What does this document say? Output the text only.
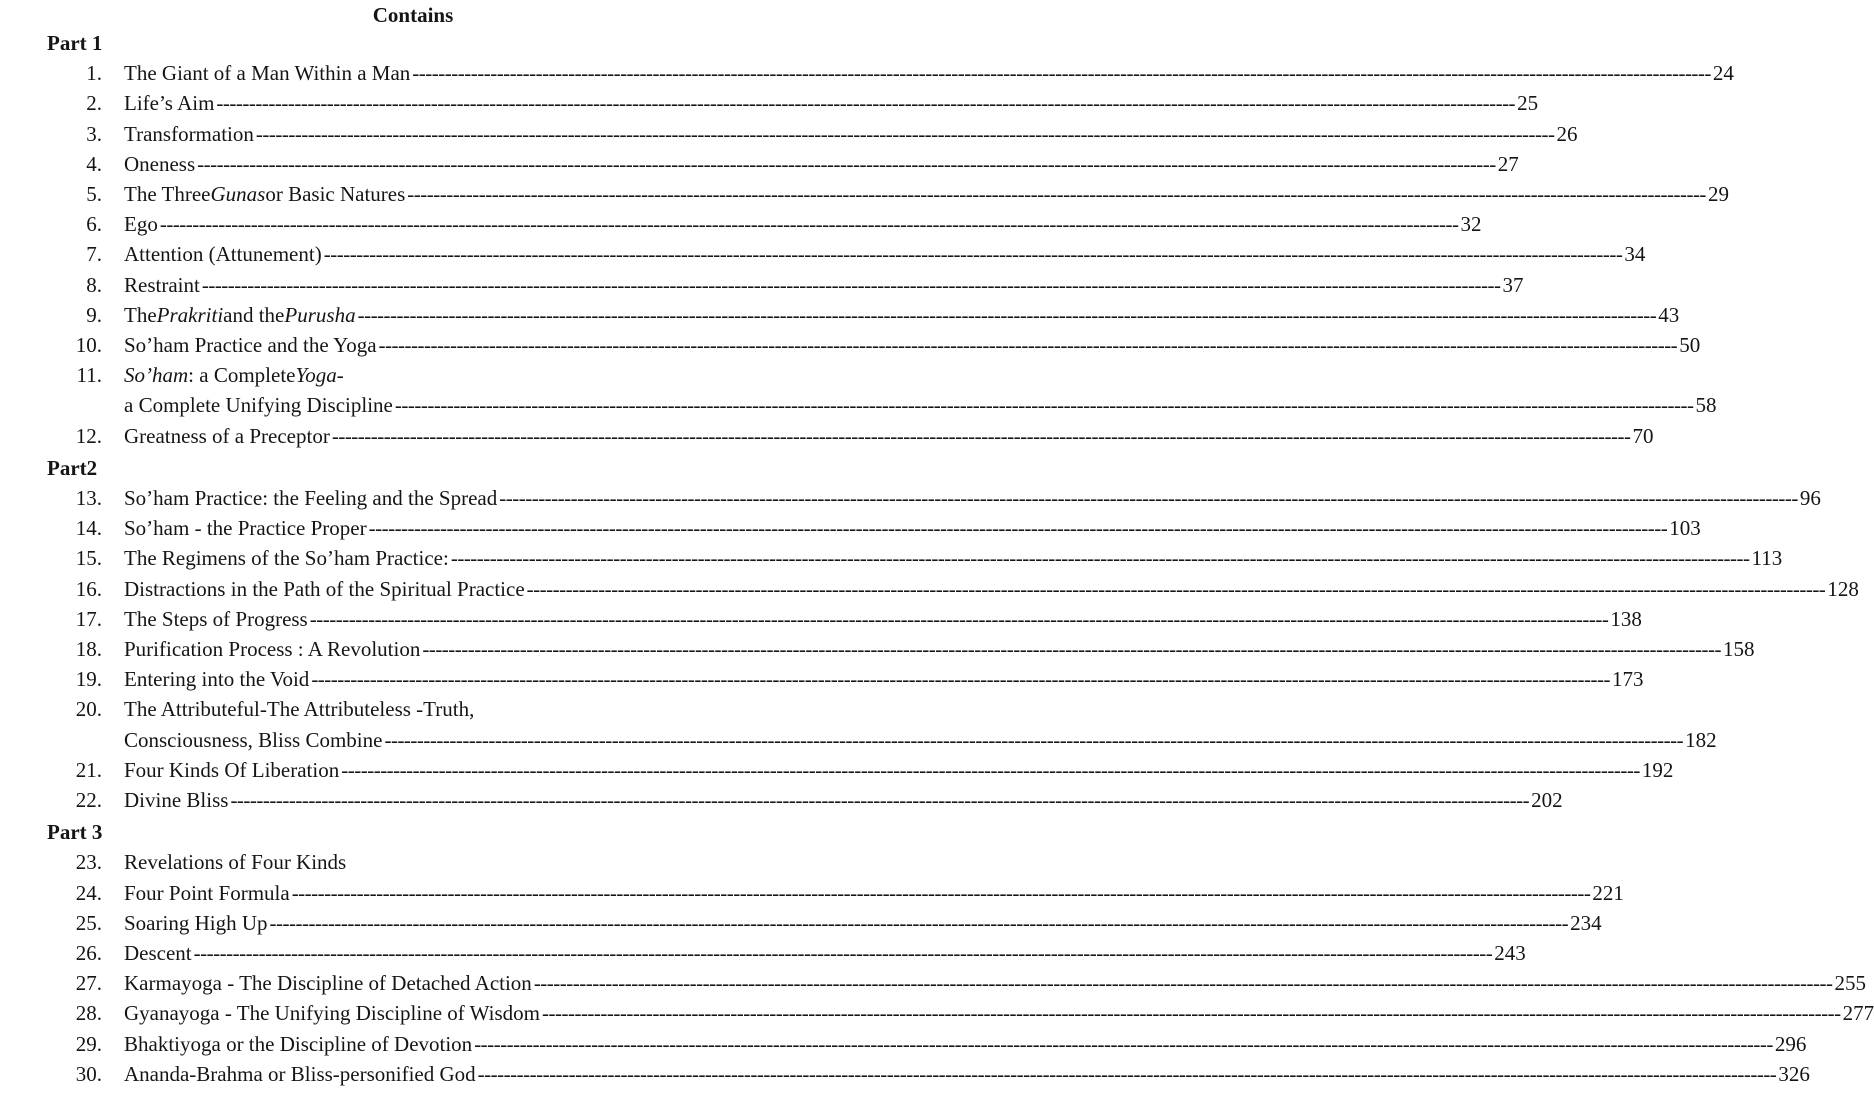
Contains
Part 1
1. The Giant of a Man Within a Man -------------------------------------------------------------------------------------------------------------------------------------------------------------------------------------------------------- 24
2. Life’s Aim -------------------------------------------------------------------------------------------------------------------------------------------------------------------------------------------------------- 25
3. Transformation -------------------------------------------------------------------------------------------------------------------------------------------------------------------------------------------------------- 26
4. Oneness -------------------------------------------------------------------------------------------------------------------------------------------------------------------------------------------------------- 27
5. The Three Gunas or Basic Natures -------------------------------------------------------------------------------------------------------------------------------------------------------------------------------------------------------- 29
6. Ego -------------------------------------------------------------------------------------------------------------------------------------------------------------------------------------------------------- 32
7. Attention (Attunement) -------------------------------------------------------------------------------------------------------------------------------------------------------------------------------------------------------- 34
8. Restraint -------------------------------------------------------------------------------------------------------------------------------------------------------------------------------------------------------- 37
9. The Prakriti and the Purusha -------------------------------------------------------------------------------------------------------------------------------------------------------------------------------------------------------- 43
10. So’ham Practice and the Yoga -------------------------------------------------------------------------------------------------------------------------------------------------------------------------------------------------------- 50
11. So’ham : a Complete Yoga -
a Complete Unifying Discipline -------------------------------------------------------------------------------------------------------------------------------------------------------------------------------------------------------- 58
12. Greatness of a Preceptor -------------------------------------------------------------------------------------------------------------------------------------------------------------------------------------------------------- 70
Part2
13. So’ham Practice: the Feeling and the Spread -------------------------------------------------------------------------------------------------------------------------------------------------------------------------------------------------------- 96
14. So’ham - the Practice Proper -------------------------------------------------------------------------------------------------------------------------------------------------------------------------------------------------------- 103
15. The Regimens of the So’ham Practice: -------------------------------------------------------------------------------------------------------------------------------------------------------------------------------------------------------- 113
16. Distractions in the Path of the Spiritual Practice -------------------------------------------------------------------------------------------------------------------------------------------------------------------------------------------------------- 128
17. The Steps of Progress -------------------------------------------------------------------------------------------------------------------------------------------------------------------------------------------------------- 138
18. Purification Process : A Revolution -------------------------------------------------------------------------------------------------------------------------------------------------------------------------------------------------------- 158
19. Entering into the Void -------------------------------------------------------------------------------------------------------------------------------------------------------------------------------------------------------- 173
20. The Attributeful-The Attributeless -Truth,
Consciousness, Bliss Combine -------------------------------------------------------------------------------------------------------------------------------------------------------------------------------------------------------- 182
21. Four Kinds Of Liberation -------------------------------------------------------------------------------------------------------------------------------------------------------------------------------------------------------- 192
22. Divine Bliss -------------------------------------------------------------------------------------------------------------------------------------------------------------------------------------------------------- 202
Part 3
23. Revelations of Four Kinds
24. Four Point Formula -------------------------------------------------------------------------------------------------------------------------------------------------------------------------------------------------------- 221
25. Soaring High Up -------------------------------------------------------------------------------------------------------------------------------------------------------------------------------------------------------- 234
26. Descent -------------------------------------------------------------------------------------------------------------------------------------------------------------------------------------------------------- 243
27. Karmayoga - The Discipline of Detached Action -------------------------------------------------------------------------------------------------------------------------------------------------------------------------------------------------------- 255
28. Gyanayoga - The Unifying Discipline of Wisdom -------------------------------------------------------------------------------------------------------------------------------------------------------------------------------------------------------- 277
29. Bhaktiyoga or the Discipline of Devotion -------------------------------------------------------------------------------------------------------------------------------------------------------------------------------------------------------- 296
30. Ananda-Brahma or Bliss-personified God -------------------------------------------------------------------------------------------------------------------------------------------------------------------------------------------------------- 326
